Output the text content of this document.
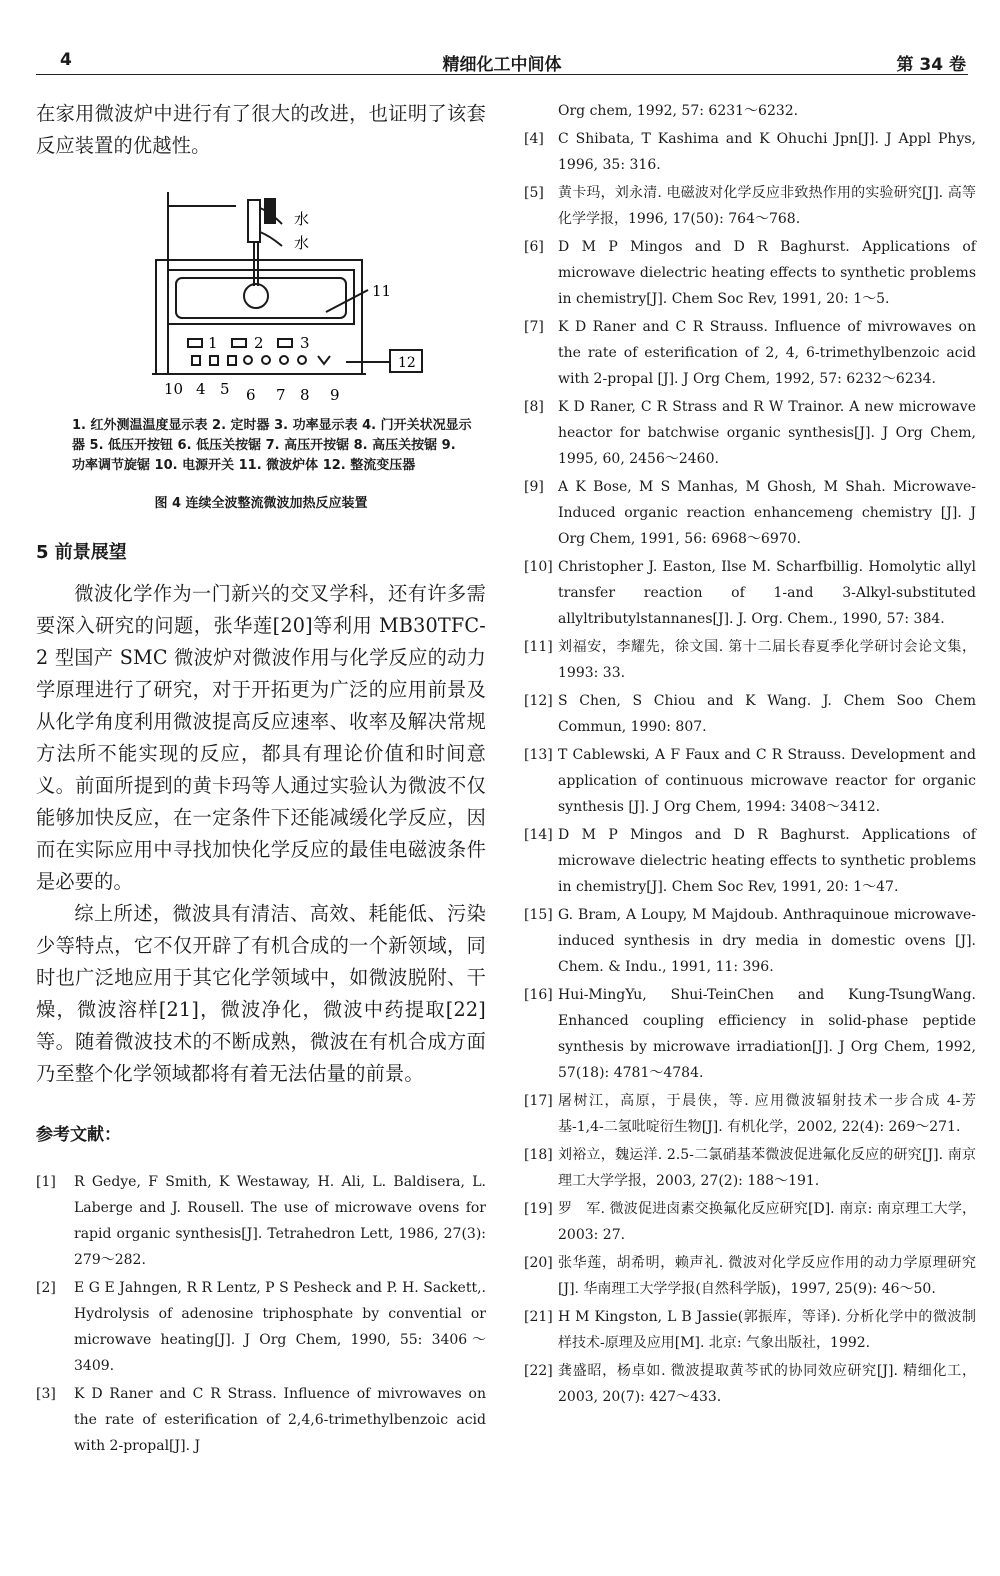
4	精细化工中间体	第 34 卷

在家用微波炉中进行有了很大的改进，也证明了该套反应装置的优越性。

水
水
11
12
1 2 3
10 4 5 6 7 8 9
1. 红外测温温度显示表 2. 定时器 3. 功率显示表 4. 门开关状况显示器 5. 低压开按钮 6. 低压关按锯 7. 高压开按锯 8. 高压关按锯 9. 功率调节旋锯 10. 电源开关 11. 微波炉体 12. 整流变压器
图 4 连续全波整流微波加热反应装置
5 前景展望

微波化学作为一门新兴的交叉学科，还有许多需要深入研究的问题，张华莲[20]等利用 MB30TFC-2 型国产 SMC 微波炉对微波作用与化学反应的动力学原理进行了研究，对于开拓更为广泛的应用前景及从化学角度利用微波提高反应速率、收率及解决常规方法所不能实现的反应，都具有理论价值和时间意义。前面所提到的黄卡玛等人通过实验认为微波不仅能够加快反应，在一定条件下还能减缓化学反应，因而在实际应用中寻找加快化学反应的最佳电磁波条件是必要的。

综上所述，微波具有清洁、高效、耗能低、污染少等特点，它不仅开辟了有机合成的一个新领域，同时也广泛地应用于其它化学领域中，如微波脱附、干燥，微波溶样[21]，微波净化，微波中药提取[22]等。随着微波技术的不断成熟，微波在有机合成方面乃至整个化学领域都将有着无法估量的前景。

参考文献：
[1]	R Gedye, F Smith, K Westaway, H. Ali, L. Baldisera, L. Laberge and J. Rousell. The use of microwave ovens for rapid organic synthesis[J]. Tetrahedron Lett, 1986, 27(3): 279～282.
[2]	E G E Jahngen, R R Lentz, P S Pesheck and P. H. Sackett,. Hydrolysis of adenosine triphosphate by convential or microwave heating[J]. J Org Chem, 1990, 55: 3406～3409.
[3]	K D Raner and C R Strass. Influence of mivrowaves on the rate of esterification of 2,4,6-trimethylbenzoic acid with 2-propal[J]. J
Org chem, 1992, 57: 6231～6232.
[4]	C Shibata, T Kashima and K Ohuchi Jpn[J]. J Appl Phys, 1996, 35: 316.
[5]	黄卡玛，刘永清. 电磁波对化学反应非致热作用的实验研究[J]. 高等化学学报，1996, 17(50): 764～768.
[6]	D M P Mingos and D R Baghurst. Applications of microwave dielectric heating effects to synthetic problems in chemistry[J]. Chem Soc Rev, 1991, 20: 1～5.
[7]	K D Raner and C R Strauss. Influence of mivrowaves on the rate of esterification of 2, 4, 6-trimethylbenzoic acid with 2-propal [J]. J Org Chem, 1992, 57: 6232～6234.
[8]	K D Raner, C R Strass and R W Trainor. A new microwave heactor for batchwise organic synthesis[J]. J Org Chem, 1995, 60, 2456～2460.
[9]	A K Bose, M S Manhas, M Ghosh, M Shah. Microwave-Induced organic reaction enhancemeng chemistry [J]. J Org Chem, 1991, 56: 6968～6970.
[10] Christopher J. Easton, Ilse M. Scharfbillig. Homolytic allyl transfer reaction of 1-and 3-Alkyl-substituted allyltributylstannanes[J]. J. Org. Chem., 1990, 57: 384.
[11] 刘福安，李耀先，徐文国. 第十二届长春夏季化学研讨会论文集，1993: 33.
[12] S Chen, S Chiou and K Wang. J. Chem Soo Chem Commun, 1990: 807.
[13] T Cablewski, A F Faux and C R Strauss. Development and application of continuous microwave reactor for organic synthesis [J]. J Org Chem, 1994: 3408～3412.
[14] D M P Mingos and D R Baghurst. Applications of microwave dielectric heating effects to synthetic problems in chemistry[J]. Chem Soc Rev, 1991, 20: 1～47.
[15] G. Bram, A Loupy, M Majdoub. Anthraquinoue microwave-induced synthesis in dry media in domestic ovens [J]. Chem. & Indu., 1991, 11: 396.
[16] Hui-MingYu, Shui-TeinChen and Kung-TsungWang. Enhanced coupling efficiency in solid-phase peptide synthesis by microwave irradiation[J]. J Org Chem, 1992, 57(18): 4781～4784.
[17] 屠树江，高原，于晨侠，等. 应用微波辐射技术一步合成 4-芳基-1,4-二氢吡啶衍生物[J]. 有机化学，2002, 22(4): 269～271.
[18] 刘裕立，魏运洋. 2.5-二氯硝基苯微波促进氟化反应的研究[J]. 南京理工大学学报，2003, 27(2): 188～191.
[19] 罗　军. 微波促进卤素交换氟化反应研究[D]. 南京: 南京理工大学，2003: 27.
[20] 张华莲，胡希明，赖声礼. 微波对化学反应作用的动力学原理研究[J]. 华南理工大学学报(自然科学版)，1997, 25(9): 46～50.
[21] H M Kingston, L B Jassie(郭振库，等译). 分析化学中的微波制样技术-原理及应用[M]. 北京: 气象出版社，1992.
[22] 龚盛昭，杨卓如. 微波提取黄芩甙的协同效应研究[J]. 精细化工，2003, 20(7): 427～433.
